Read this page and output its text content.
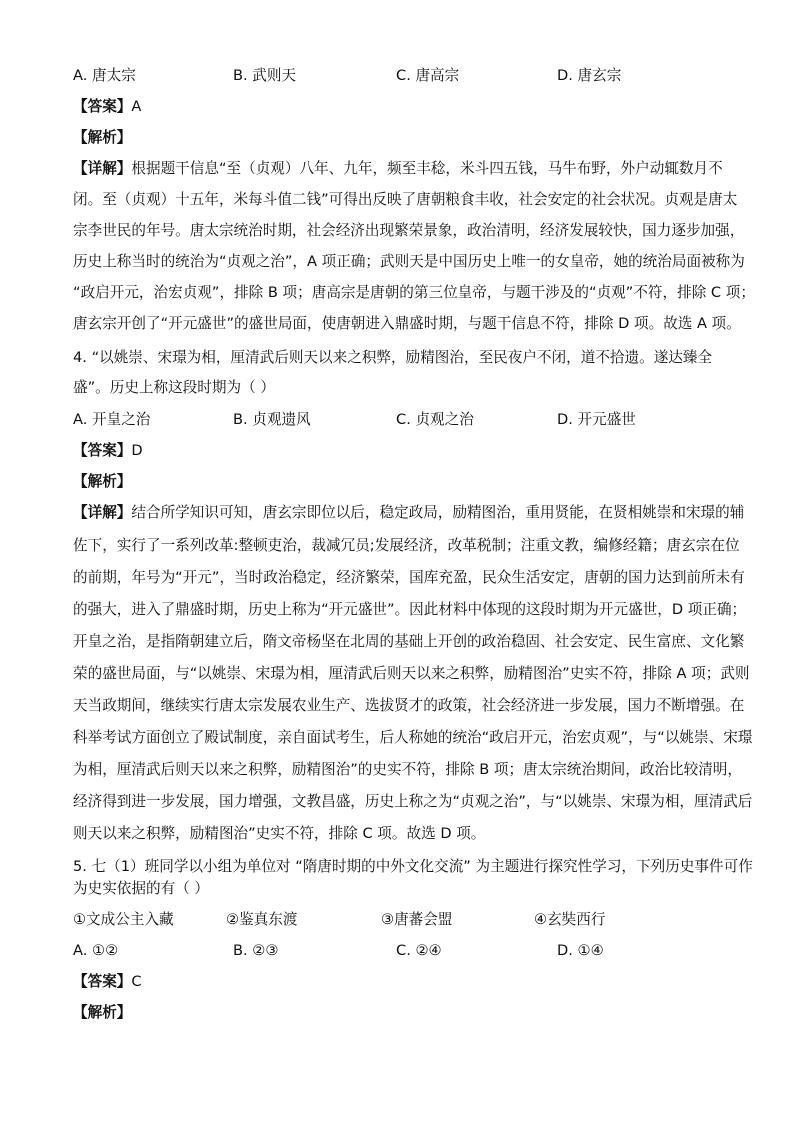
A. 唐太宗	B. 武则天	C. 唐高宗	D. 唐玄宗
【答案】A
【解析】
【详解】根据题干信息“至（贞观）八年、九年，频至丰稔，米斗四五钱，马牛布野，外户动辄数月不
闭。至（贞观）十五年，米每斗值二钱”可得出反映了唐朝粮食丰收，社会安定的社会状况。贞观是唐太
宗李世民的年号。唐太宗统治时期，社会经济出现繁荣景象，政治清明，经济发展较快，国力逐步加强，
历史上称当时的统治为“贞观之治”，A 项正确；武则天是中国历史上唯一的女皇帝，她的统治局面被称为
“政启开元，治宏贞观”，排除 B 项；唐高宗是唐朝的第三位皇帝，与题干涉及的“贞观”不符，排除 C 项；
唐玄宗开创了“开元盛世”的盛世局面，使唐朝进入鼎盛时期，与题干信息不符，排除 D 项。故选 A 项。
4. “以姚崇、宋璟为相，厘清武后则天以来之积弊，励精图治，至民夜户不闭，道不拾遗。遂达臻全
盛”。历史上称这段时期为（ ）
A. 开皇之治	B. 贞观遗风	C. 贞观之治	D. 开元盛世
【答案】D
【解析】
【详解】结合所学知识可知，唐玄宗即位以后，稳定政局，励精图治，重用贤能，在贤相姚崇和宋璟的辅
佐下，实行了一系列改革:整顿吏治，裁减冗员;发展经济，改革税制；注重文教，编修经籍；唐玄宗在位
的前期，年号为“开元”，当时政治稳定，经济繁荣，国库充盈，民众生活安定，唐朝的国力达到前所未有
的强大，进入了鼎盛时期，历史上称为“开元盛世”。因此材料中体现的这段时期为开元盛世，D 项正确；
开皇之治，是指隋朝建立后，隋文帝杨坚在北周的基础上开创的政治稳固、社会安定、民生富庶、文化繁
荣的盛世局面，与“以姚崇、宋璟为相，厘清武后则天以来之积弊，励精图治”史实不符，排除 A 项；武则
天当政期间，继续实行唐太宗发展农业生产、选拔贤才的政策，社会经济进一步发展，国力不断增强。在
科举考试方面创立了殿试制度，亲自面试考生，后人称她的统治“政启开元，治宏贞观”，与“以姚崇、宋璟
为相，厘清武后则天以来之积弊，励精图治”的史实不符，排除 B 项；唐太宗统治期间，政治比较清明，
经济得到进一步发展，国力增强，文教昌盛，历史上称之为“贞观之治”，与“以姚崇、宋璟为相，厘清武后
则天以来之积弊，励精图治”史实不符，排除 C 项。故选 D 项。
5. 七（1）班同学以小组为单位对 “隋唐时期的中外文化交流” 为主题进行探究性学习，下列历史事件可作
为史实依据的有（ ）
①文成公主入藏	②鉴真东渡	③唐蕃会盟	④玄奘西行
A. ①②	B. ②③	C. ②④	D. ①④
【答案】C
【解析】
